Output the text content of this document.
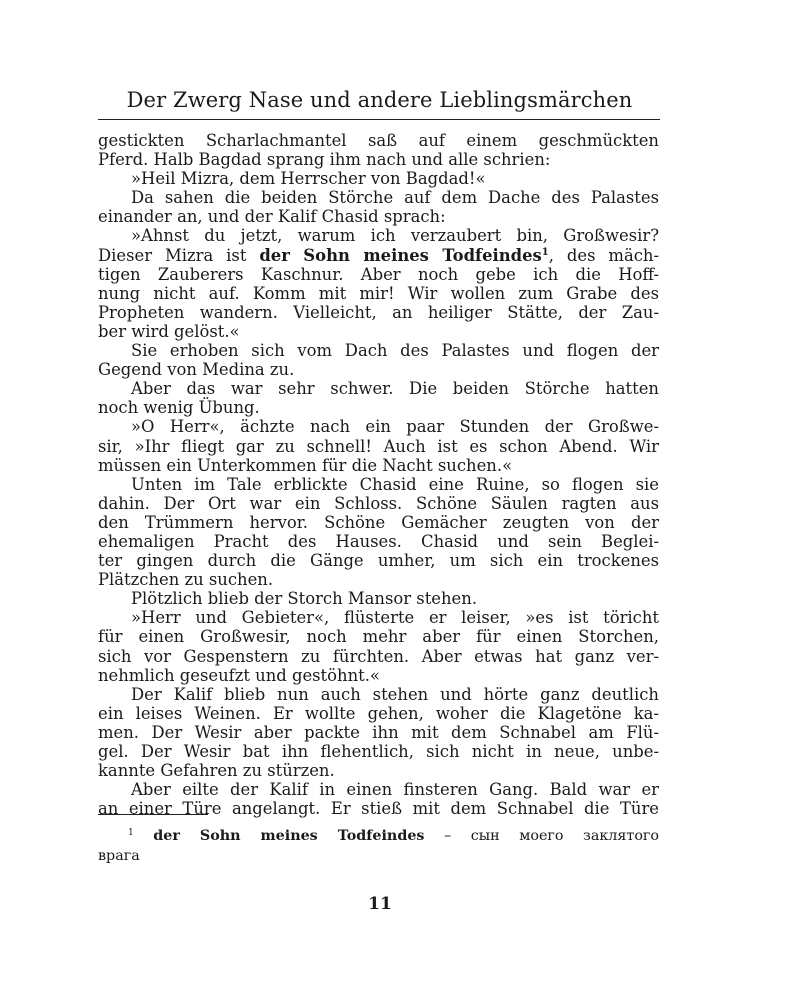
Der Zwerg Nase und andere Lieblingsmärchen
gestickten Scharlachmantel saß auf einem geschmückten
Pferd. Halb Bagdad sprang ihm nach und alle schrien:
»Heil Mizra, dem Herrscher von Bagdad!«
Da sahen die beiden Störche auf dem Dache des Palastes
einander an, und der Kalif Chasid sprach:
»Ahnst du jetzt, warum ich verzaubert bin, Großwesir?
Dieser Mizra ist der Sohn meines Todfeindes$^1$, des mäch-
tigen Zauberers Kaschnur. Aber noch gebe ich die Hoff-
nung nicht auf. Komm mit mir! Wir wollen zum Grabe des
Propheten wandern. Vielleicht, an heiliger Stätte, der Zau-
ber wird gelöst.«
Sie erhoben sich vom Dach des Palastes und flogen der
Gegend von Medina zu.
Aber das war sehr schwer. Die beiden Störche hatten
noch wenig Übung.
»O Herr«, ächzte nach ein paar Stunden der Großwe-
sir, »Ihr fliegt gar zu schnell! Auch ist es schon Abend. Wir
müssen ein Unterkommen für die Nacht suchen.«
Unten im Tale erblickte Chasid eine Ruine, so flogen sie
dahin. Der Ort war ein Schloss. Schöne Säulen ragten aus
den Trümmern hervor. Schöne Gemächer zeugten von der
ehemaligen Pracht des Hauses. Chasid und sein Beglei-
ter gingen durch die Gänge umher, um sich ein trockenes
Plätzchen zu suchen.
Plötzlich blieb der Storch Mansor stehen.
»Herr und Gebieter«, flüsterte er leiser, »es ist töricht
für einen Großwesir, noch mehr aber für einen Storchen,
sich vor Gespenstern zu fürchten. Aber etwas hat ganz ver-
nehmlich geseufzt und gestöhnt.«
Der Kalif blieb nun auch stehen und hörte ganz deutlich
ein leises Weinen. Er wollte gehen, woher die Klagetöne ka-
men. Der Wesir aber packte ihn mit dem Schnabel am Flü-
gel. Der Wesir bat ihn flehentlich, sich nicht in neue, unbe-
kannte Gefahren zu stürzen.
Aber eilte der Kalif in einen finsteren Gang. Bald war er
an einer Türe angelangt. Er stieß mit dem Schnabel die Türe
$^1$ der Sohn meines Todfeindes – сын моего заклятого
врага
11
